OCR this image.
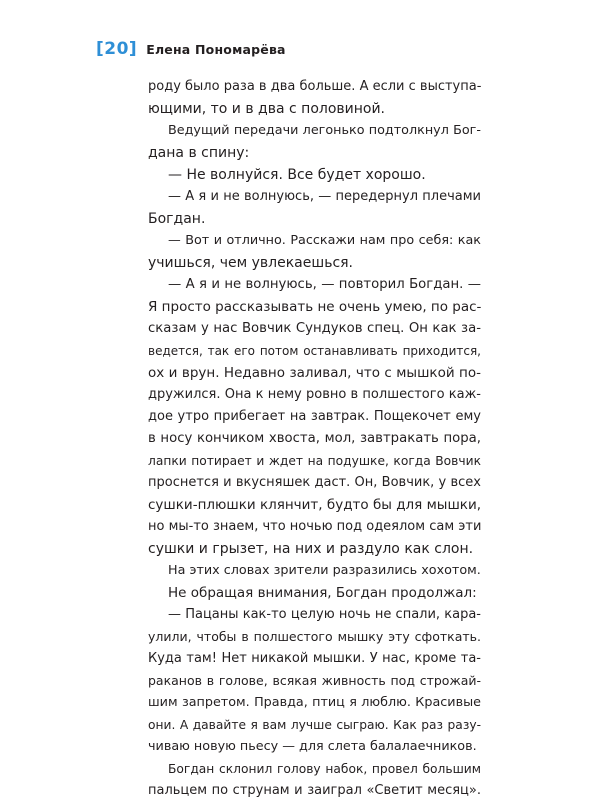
[20] Елена Пономарёва
роду было раза в два больше. А если с выступа-
ющими, то и в два с половиной.
Ведущий передачи легонько подтолкнул Бог-
дана в спину:
— Не волнуйся. Все будет хорошо.
— А я и не волнуюсь, — передернул плечами
Богдан.
— Вот и отлично. Расскажи нам про себя: как
учишься, чем увлекаешься.
— А я и не волнуюсь, — повторил Богдан. —
Я просто рассказывать не очень умею, по рас-
сказам у нас Вовчик Сундуков спец. Он как за-
ведется, так его потом останавливать приходится,
ох и врун. Недавно заливал, что с мышкой по-
дружился. Она к нему ровно в полшестого каж-
дое утро прибегает на завтрак. Пощекочет ему
в носу кончиком хвоста, мол, завтракать пора,
лапки потирает и ждет на подушке, когда Вовчик
проснется и вкусняшек даст. Он, Вовчик, у всех
сушки-плюшки клянчит, будто бы для мышки,
но мы-то знаем, что ночью под одеялом сам эти
сушки и грызет, на них и раздуло как слон.
На этих словах зрители разразились хохотом.
Не обращая внимания, Богдан продолжал:
— Пацаны как-то целую ночь не спали, кара-
улили, чтобы в полшестого мышку эту сфоткать.
Куда там! Нет никакой мышки. У нас, кроме та-
раканов в голове, всякая живность под строжай-
шим запретом. Правда, птиц я люблю. Красивые
они. А давайте я вам лучше сыграю. Как раз разу-
чиваю новую пьесу — для слета балалаечников.
Богдан склонил голову набок, провел большим
пальцем по струнам и заиграл «Светит месяц».
